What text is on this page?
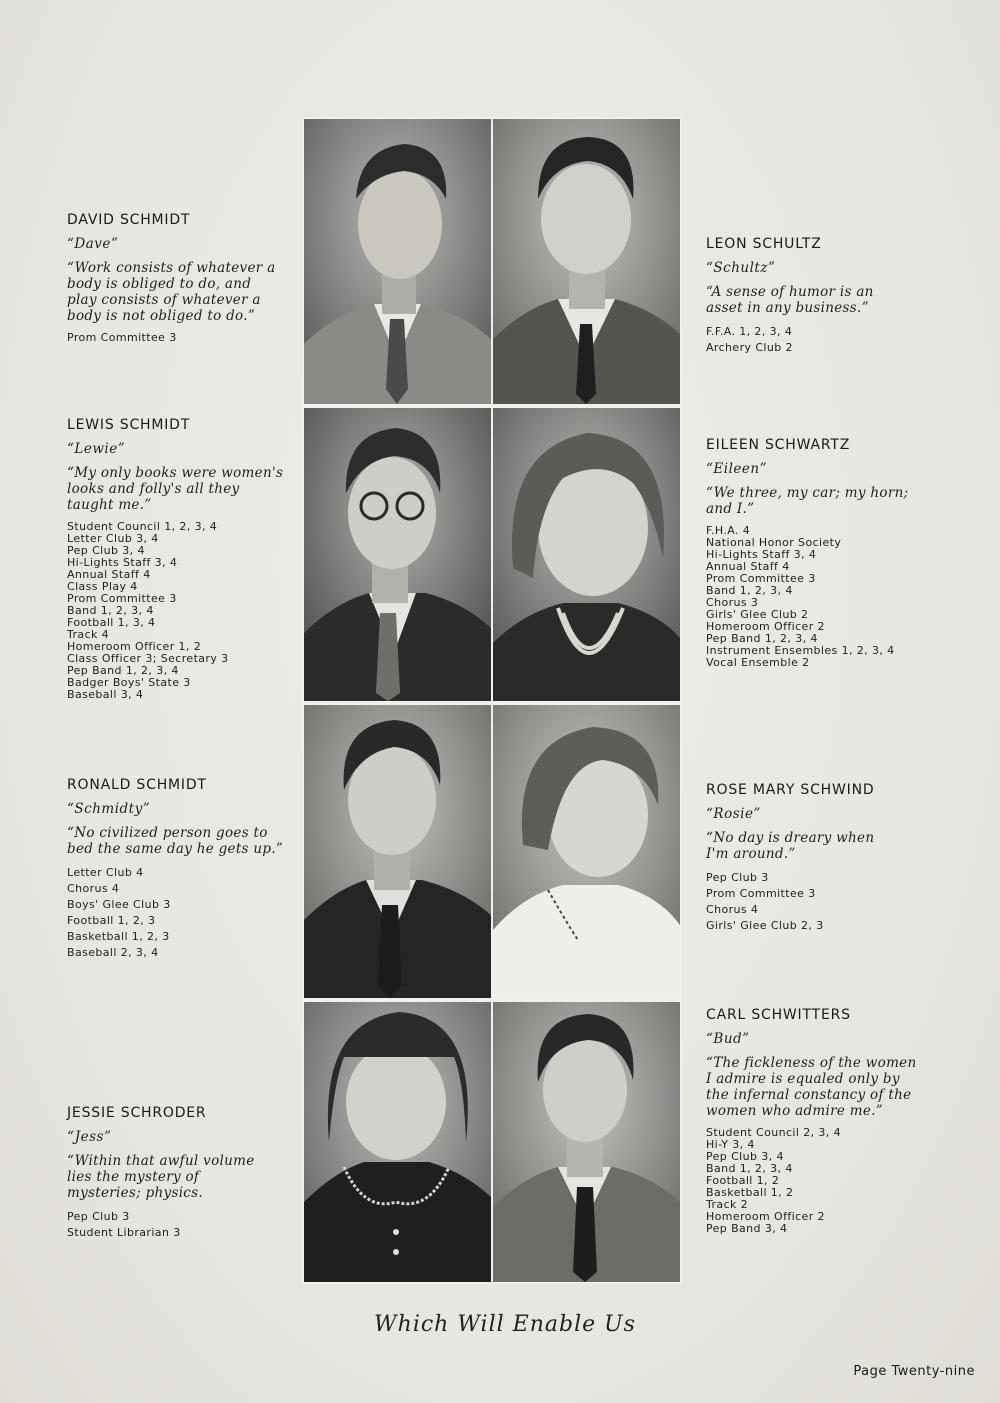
DAVID SCHMIDT
“Dave”
“Work consists of whatever a
body is obliged to do, and
play consists of whatever a
body is not obliged to do.”
Prom Committee 3
LEWIS SCHMIDT
“Lewie”
“My only books were women's
looks and folly's all they
taught me.”
Student Council 1, 2, 3, 4
Letter Club 3, 4
Pep Club 3, 4
Hi-Lights Staff 3, 4
Annual Staff 4
Class Play 4
Prom Committee 3
Band 1, 2, 3, 4
Football 1, 3, 4
Track 4
Homeroom Officer 1, 2
Class Officer 3; Secretary 3
Pep Band 1, 2, 3, 4
Badger Boys' State 3
Baseball 3, 4
RONALD SCHMIDT
“Schmidty”
“No civilized person goes to
bed the same day he gets up.”
Letter Club 4
Chorus 4
Boys' Glee Club 3
Football 1, 2, 3
Basketball 1, 2, 3
Baseball 2, 3, 4
JESSIE SCHRODER
“Jess”
“Within that awful volume
lies the mystery of
mysteries; physics.
Pep Club 3
Student Librarian 3
LEON SCHULTZ
“Schultz”
“A sense of humor is an
asset in any business.”
F.F.A. 1, 2, 3, 4
Archery Club 2
EILEEN SCHWARTZ
“Eileen”
“We three, my car; my horn;
and I.”
F.H.A. 4
National Honor Society
Hi-Lights Staff 3, 4
Annual Staff 4
Prom Committee 3
Band 1, 2, 3, 4
Chorus 3
Girls' Glee Club 2
Homeroom Officer 2
Pep Band 1, 2, 3, 4
Instrument Ensembles 1, 2, 3, 4
Vocal Ensemble 2
ROSE MARY SCHWIND
“Rosie”
“No day is dreary when
I'm around.”
Pep Club 3
Prom Committee 3
Chorus 4
Girls' Glee Club 2, 3
CARL SCHWITTERS
“Bud”
“The fickleness of the women
I admire is equaled only by
the infernal constancy of the
women who admire me.”
Student Council 2, 3, 4
Hi-Y 3, 4
Pep Club 3, 4
Band 1, 2, 3, 4
Football 1, 2
Basketball 1, 2
Track 2
Homeroom Officer 2
Pep Band 3, 4
Which Will Enable Us
Page Twenty-nine
